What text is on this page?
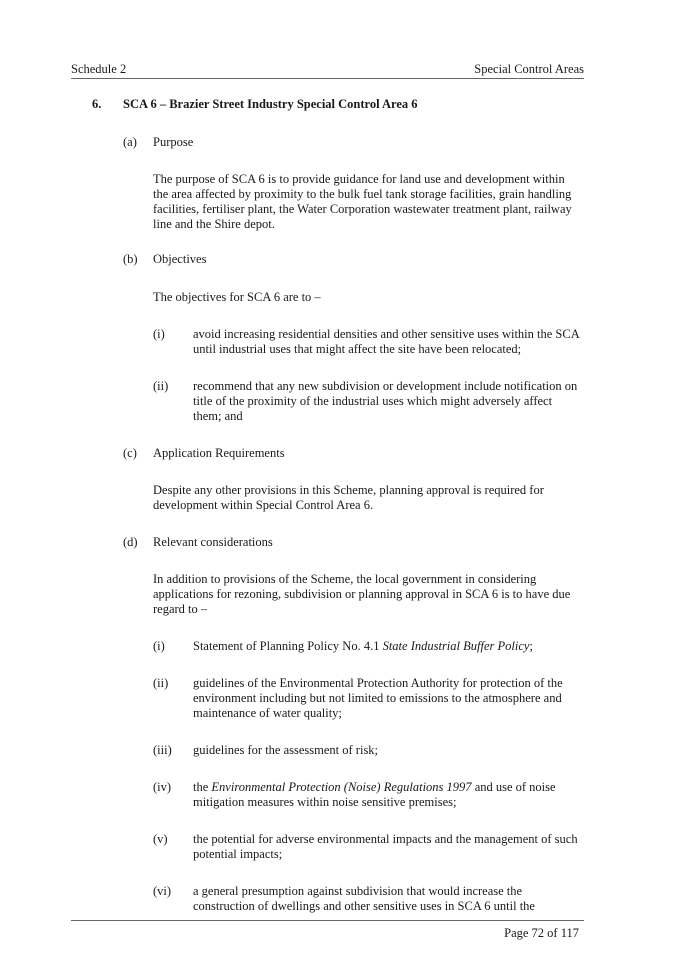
Schedule 2	Special Control Areas
6. SCA 6 – Brazier Street Industry Special Control Area 6
(a) Purpose
The purpose of SCA 6 is to provide guidance for land use and development within the area affected by proximity to the bulk fuel tank storage facilities, grain handling facilities, fertiliser plant, the Water Corporation wastewater treatment plant, railway line and the Shire depot.
(b) Objectives
The objectives for SCA 6 are to –
(i) avoid increasing residential densities and other sensitive uses within the SCA until industrial uses that might affect the site have been relocated;
(ii) recommend that any new subdivision or development include notification on title of the proximity of the industrial uses which might adversely affect them; and
(c) Application Requirements
Despite any other provisions in this Scheme, planning approval is required for development within Special Control Area 6.
(d) Relevant considerations
In addition to provisions of the Scheme, the local government in considering applications for rezoning, subdivision or planning approval in SCA 6 is to have due regard to –
(i) Statement of Planning Policy No. 4.1 State Industrial Buffer Policy;
(ii) guidelines of the Environmental Protection Authority for protection of the environment including but not limited to emissions to the atmosphere and maintenance of water quality;
(iii) guidelines for the assessment of risk;
(iv) the Environmental Protection (Noise) Regulations 1997 and use of noise mitigation measures within noise sensitive premises;
(v) the potential for adverse environmental impacts and the management of such potential impacts;
(vi) a general presumption against subdivision that would increase the construction of dwellings and other sensitive uses in SCA 6 until the
Page 72 of 117
